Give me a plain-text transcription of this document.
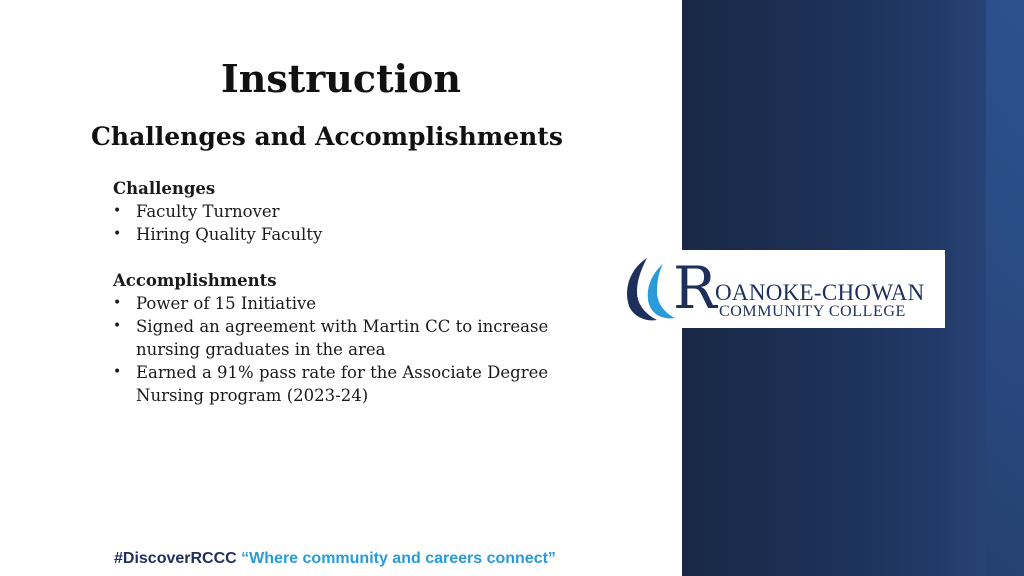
Instruction
Challenges and Accomplishments

Challenges

• Faculty Turnover
• Hiring Quality Faculty

Accomplishments

• Power of 15 Initiative
• Signed an agreement with Martin CC to increase nursing graduates in the area
• Earned a 91% pass rate for the Associate Degree Nursing program (2023-24)
R
OANOKE-CHOWAN
COMMUNITY COLLEGE
#DiscoverRCCC “Where community and careers connect”
